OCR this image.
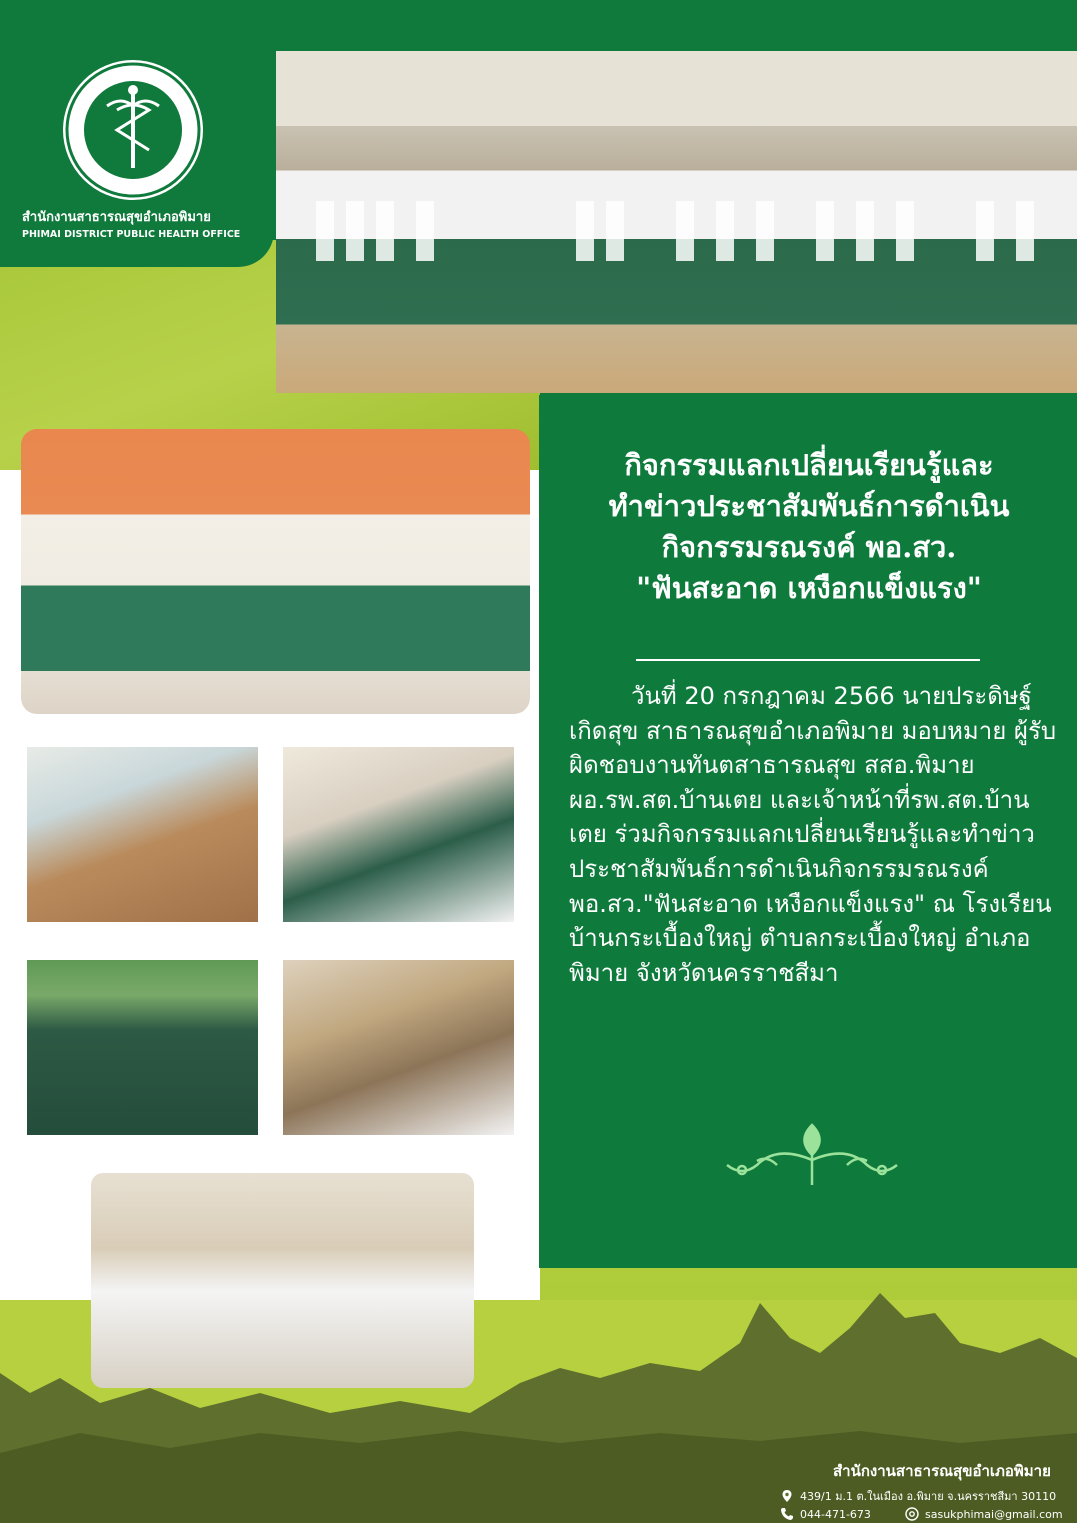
สำนักงานสาธารณสุขอำเภอพิมาย
PHIMAI DISTRICT PUBLIC HEALTH OFFICE
กิจกรรมแลกเปลี่ยนเรียนรู้และ
ทำข่าวประชาสัมพันธ์การดำเนิน
กิจกรรมรณรงค์ พอ.สว.
"ฟันสะอาด เหงือกแข็งแรง"
วันที่ 20 กรกฎาคม 2566 นายประดิษฐ์ เกิดสุข สาธารณสุขอำเภอพิมาย มอบหมาย ผู้รับผิดชอบงานทันตสาธารณสุข สสอ.พิมาย ผอ.รพ.สต.บ้านเตย และเจ้าหน้าที่รพ.สต.บ้านเตย ร่วมกิจกรรมแลกเปลี่ยนเรียนรู้และทำข่าวประชาสัมพันธ์การดำเนินกิจกรรมรณรงค์ พอ.สว."ฟันสะอาด เหงือกแข็งแรง" ณ โรงเรียนบ้านกระเบื้องใหญ่ ตำบลกระเบื้องใหญ่ อำเภอพิมาย จังหวัดนครราชสีมา
สำนักงานสาธารณสุขอำเภอพิมาย
439/1 ม.1 ต.ในเมือง อ.พิมาย จ.นครราชสีมา 30110
044-471-673	sasukphimai@gmail.com
